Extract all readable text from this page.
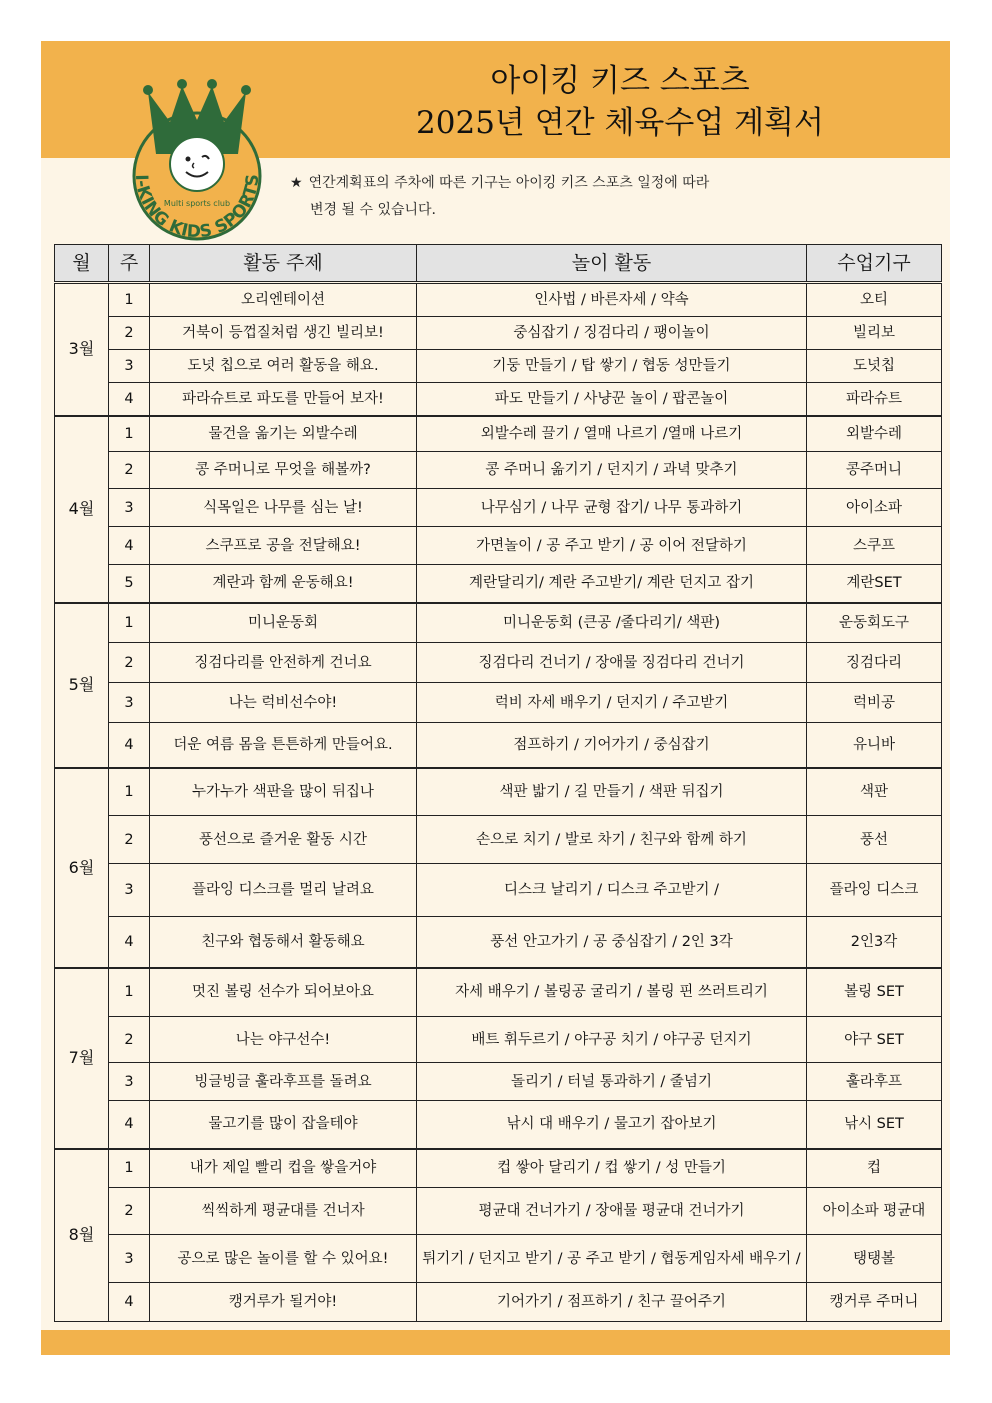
I-KING KIDS SPORTS
Multi sports club
아이킹 키즈 스포츠
2025년 연간 체육수업 계획서
★ 연간계획표의 주차에 따른 기구는 아이킹 키즈 스포츠 일정에 따라
변경 될 수 있습니다.
월	주	활동 주제	놀이 활동	수업기구
3월	1	오리엔테이션	인사법 / 바른자세 / 약속	오티
	2	거북이 등껍질처럼 생긴 빌리보!	중심잡기 / 징검다리 / 팽이놀이	빌리보
	3	도넛 칩으로 여러 활동을 해요.	기둥 만들기 / 탑 쌓기 / 협동 성만들기	도넛칩
	4	파라슈트로 파도를 만들어 보자!	파도 만들기 / 사냥꾼 놀이 / 팝콘놀이	파라슈트
4월	1	물건을 옮기는 외발수레	외발수레 끌기 / 열매 나르기 /열매 나르기	외발수레
	2	콩 주머니로 무엇을 해볼까?	콩 주머니 옮기기 / 던지기 / 과녁 맞추기	콩주머니
	3	식목일은 나무를 심는 날!	나무심기 / 나무 균형 잡기/ 나무 통과하기	아이소파
	4	스쿠프로 공을 전달해요!	가면놀이 / 공 주고 받기 / 공 이어 전달하기	스쿠프
	5	계란과 함께 운동해요!	계란달리기/ 계란 주고받기/ 계란 던지고 잡기	계란SET
5월	1	미니운동회	미니운동회 (큰공 /줄다리기/ 색판)	운동회도구
	2	징검다리를 안전하게 건너요	징검다리 건너기 / 장애물 징검다리 건너기	징검다리
	3	나는 럭비선수야!	럭비 자세 배우기 / 던지기 / 주고받기	럭비공
	4	더운 여름 몸을 튼튼하게 만들어요.	점프하기 / 기어가기 / 중심잡기	유니바
6월	1	누가누가 색판을 많이 뒤집나	색판 밟기 / 길 만들기 / 색판 뒤집기	색판
	2	풍선으로 즐거운 활동 시간	손으로 치기 / 발로 차기 / 친구와 함께 하기	풍선
	3	플라잉 디스크를 멀리 날려요	디스크 날리기 / 디스크 주고받기 /	플라잉 디스크
	4	친구와 협동해서 활동해요	풍선 안고가기 / 공 중심잡기 / 2인 3각	2인3각
7월	1	멋진 볼링 선수가 되어보아요	자세 배우기 / 볼링공 굴리기 / 볼링 핀 쓰러트리기	볼링 SET
	2	나는 야구선수!	배트 휘두르기 / 야구공 치기 / 야구공 던지기	야구 SET
	3	빙글빙글 훌라후프를 돌려요	돌리기 / 터널 통과하기 / 줄넘기	훌라후프
	4	물고기를 많이 잡을테야	낚시 대 배우기 / 물고기 잡아보기	낚시 SET
8월	1	내가 제일 빨리 컵을 쌓을거야	컵 쌓아 달리기 / 컵 쌓기 / 성 만들기	컵
	2	씩씩하게 평균대를 건너자	평균대 건너가기 / 장애물 평균대 건너가기	아이소파 평균대
	3	공으로 많은 놀이를 할 수 있어요!	튀기기 / 던지고 받기 / 공 주고 받기 / 협동게임자세 배우기 /	탱탱볼
	4	캥거루가 될거야!	기어가기 / 점프하기 / 친구 끌어주기	캥거루 주머니
